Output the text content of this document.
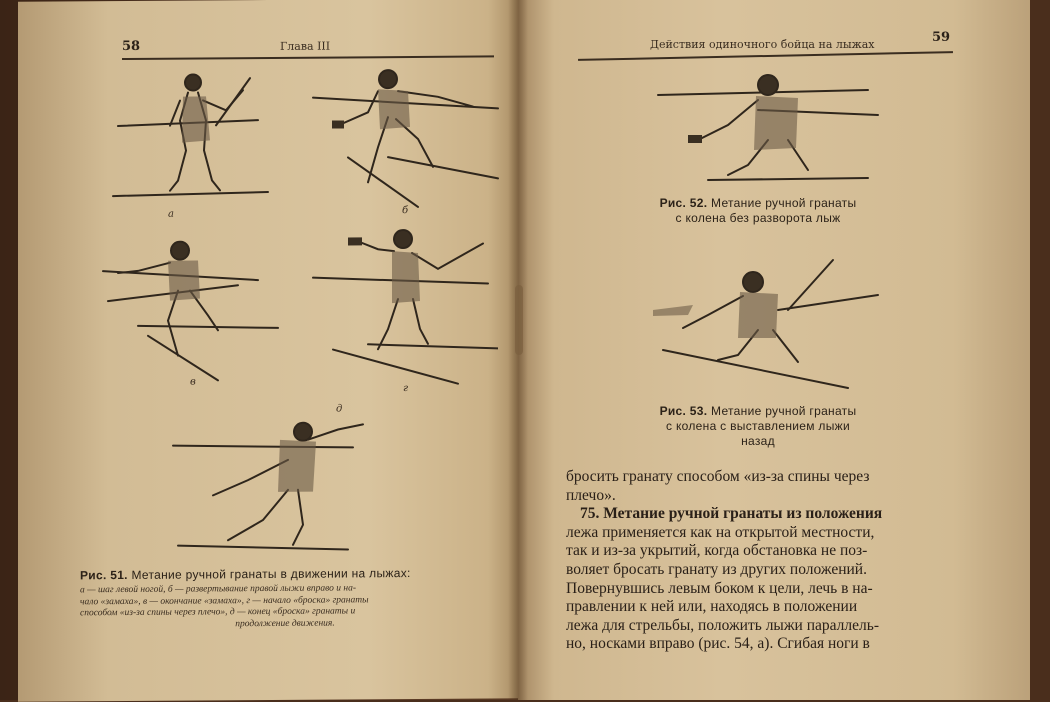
58	Глава III
а	б
в
г
д
Рис. 51. Метание ручной гранаты в движении на лыжах:
а — шаг левой ногой, б — развертывание правой лыжи вправо и на-
чало «замаха», в — окончание «замаха», г — начало «броска» гранаты
способом «из-за спины через плечо», д — конец «броска» гранаты и
продолжение движения.
Действия одиночного бойца на лыжах	59
Рис. 52. Метание ручной гранаты
с колена без разворота лыж
Рис. 53. Метание ручной гранаты
с колена с выставлением лыжи
назад
бросить гранату способом «из-за спины через
плечо».
75. Метание ручной гранаты из положения
лежа применяется как на открытой местности,
так и из-за укрытий, когда обстановка не поз-
воляет бросать гранату из других положений.
Повернувшись левым боком к цели, лечь в на-
правлении к ней или, находясь в положении
лежа для стрельбы, положить лыжи параллель-
но, носками вправо (рис. 54, а). Сгибая ноги в
